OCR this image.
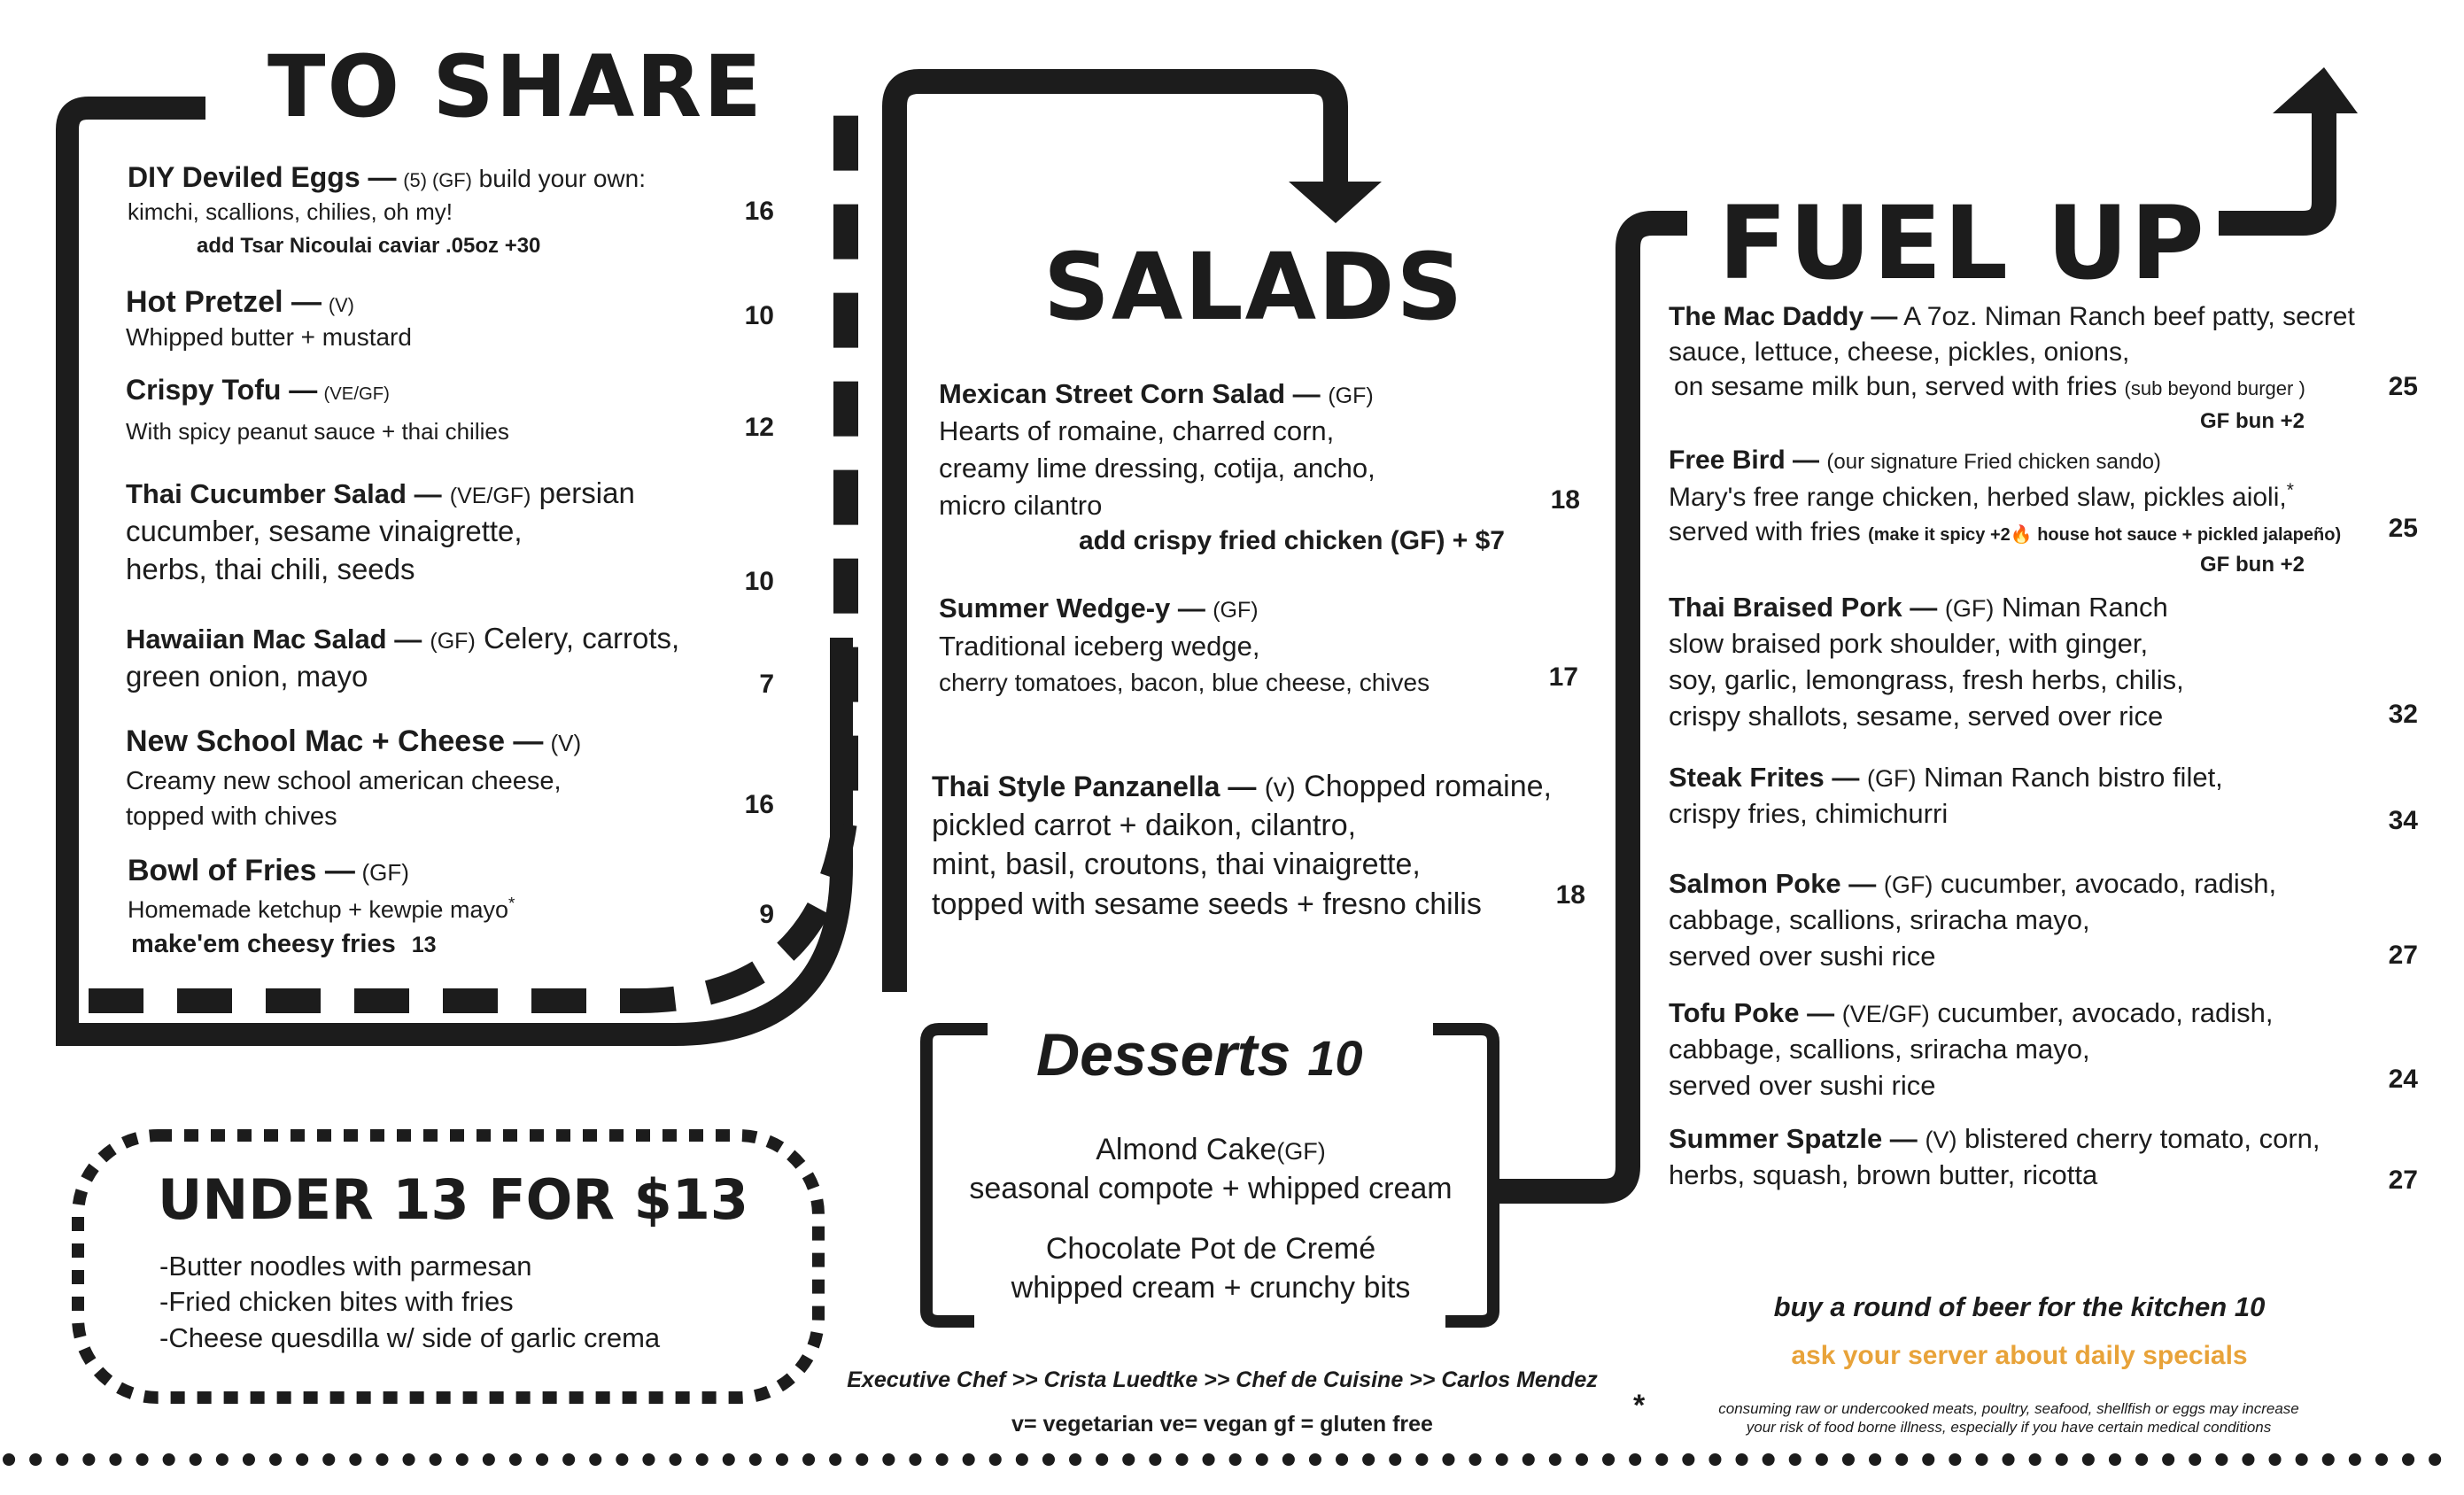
TO SHARE
DIY Deviled Eggs — (5) (GF) build your own:
kimchi, scallions, chilies, oh my!	16
add Tsar Nicoulai caviar .05oz +30
Hot Pretzel — (V)
Whipped butter + mustard
10
Crispy Tofu — (VE/GF)
With spicy peanut sauce + thai chilies	12
Thai Cucumber Salad — (VE/GF) persian
cucumber, sesame vinaigrette,
herbs, thai chili, seeds	10
Hawaiian Mac Salad — (GF) Celery, carrots,
green onion, mayo	7
New School Mac + Cheese — (V)
Creamy new school american cheese,
topped with chives	16
Bowl of Fries — (GF)
Homemade ketchup + kewpie mayo*	9
make'em cheesy fries 13
SALADS
Mexican Street Corn Salad — (GF)
Hearts of romaine, charred corn,
creamy lime dressing, cotija, ancho,
micro cilantro	18
add crispy fried chicken (GF) + $7
Summer Wedge-y — (GF)
Traditional iceberg wedge,
cherry tomatoes, bacon, blue cheese, chives	17
Thai Style Panzanella — (v) Chopped romaine,
pickled carrot + daikon, cilantro,
mint, basil, croutons, thai vinaigrette,
topped with sesame seeds + fresno chilis	18
Desserts 10
Almond Cake(GF)
seasonal compote + whipped cream
Chocolate Pot de Cremé
whipped cream + crunchy bits
FUEL UP
The Mac Daddy — A 7oz. Niman Ranch beef patty, secret
sauce, lettuce, cheese, pickles, onions,
on sesame milk bun, served with fries (sub beyond burger )	25
GF bun +2
Free Bird — (our signature Fried chicken sando)
Mary's free range chicken, herbed slaw, pickles aioli,*
served with fries (make it spicy +2🔥 house hot sauce + pickled jalapeño)	25
GF bun +2
Thai Braised Pork — (GF) Niman Ranch
slow braised pork shoulder, with ginger,
soy, garlic, lemongrass, fresh herbs, chilis,
crispy shallots, sesame, served over rice	32
Steak Frites — (GF) Niman Ranch bistro filet,
crispy fries, chimichurri	34
Salmon Poke — (GF) cucumber, avocado, radish,
cabbage, scallions, sriracha mayo,
served over sushi rice	27
Tofu Poke — (VE/GF) cucumber, avocado, radish,
cabbage, scallions, sriracha mayo,
served over sushi rice	24
Summer Spatzle — (V) blistered cherry tomato, corn,
herbs, squash, brown butter, ricotta	27
UNDER 13 FOR $13
-Butter noodles with parmesan
-Fried chicken bites with fries
-Cheese quesdilla w/ side of garlic crema
buy a round of beer for the kitchen 10
ask your server about daily specials
Executive Chef >> Crista Luedtke >> Chef de Cuisine >> Carlos Mendez
v= vegetarian ve= vegan gf = gluten free
*	consuming raw or undercooked meats, poultry, seafood, shellfish or eggs may increase
your risk of food borne illness, especially if you have certain medical conditions
